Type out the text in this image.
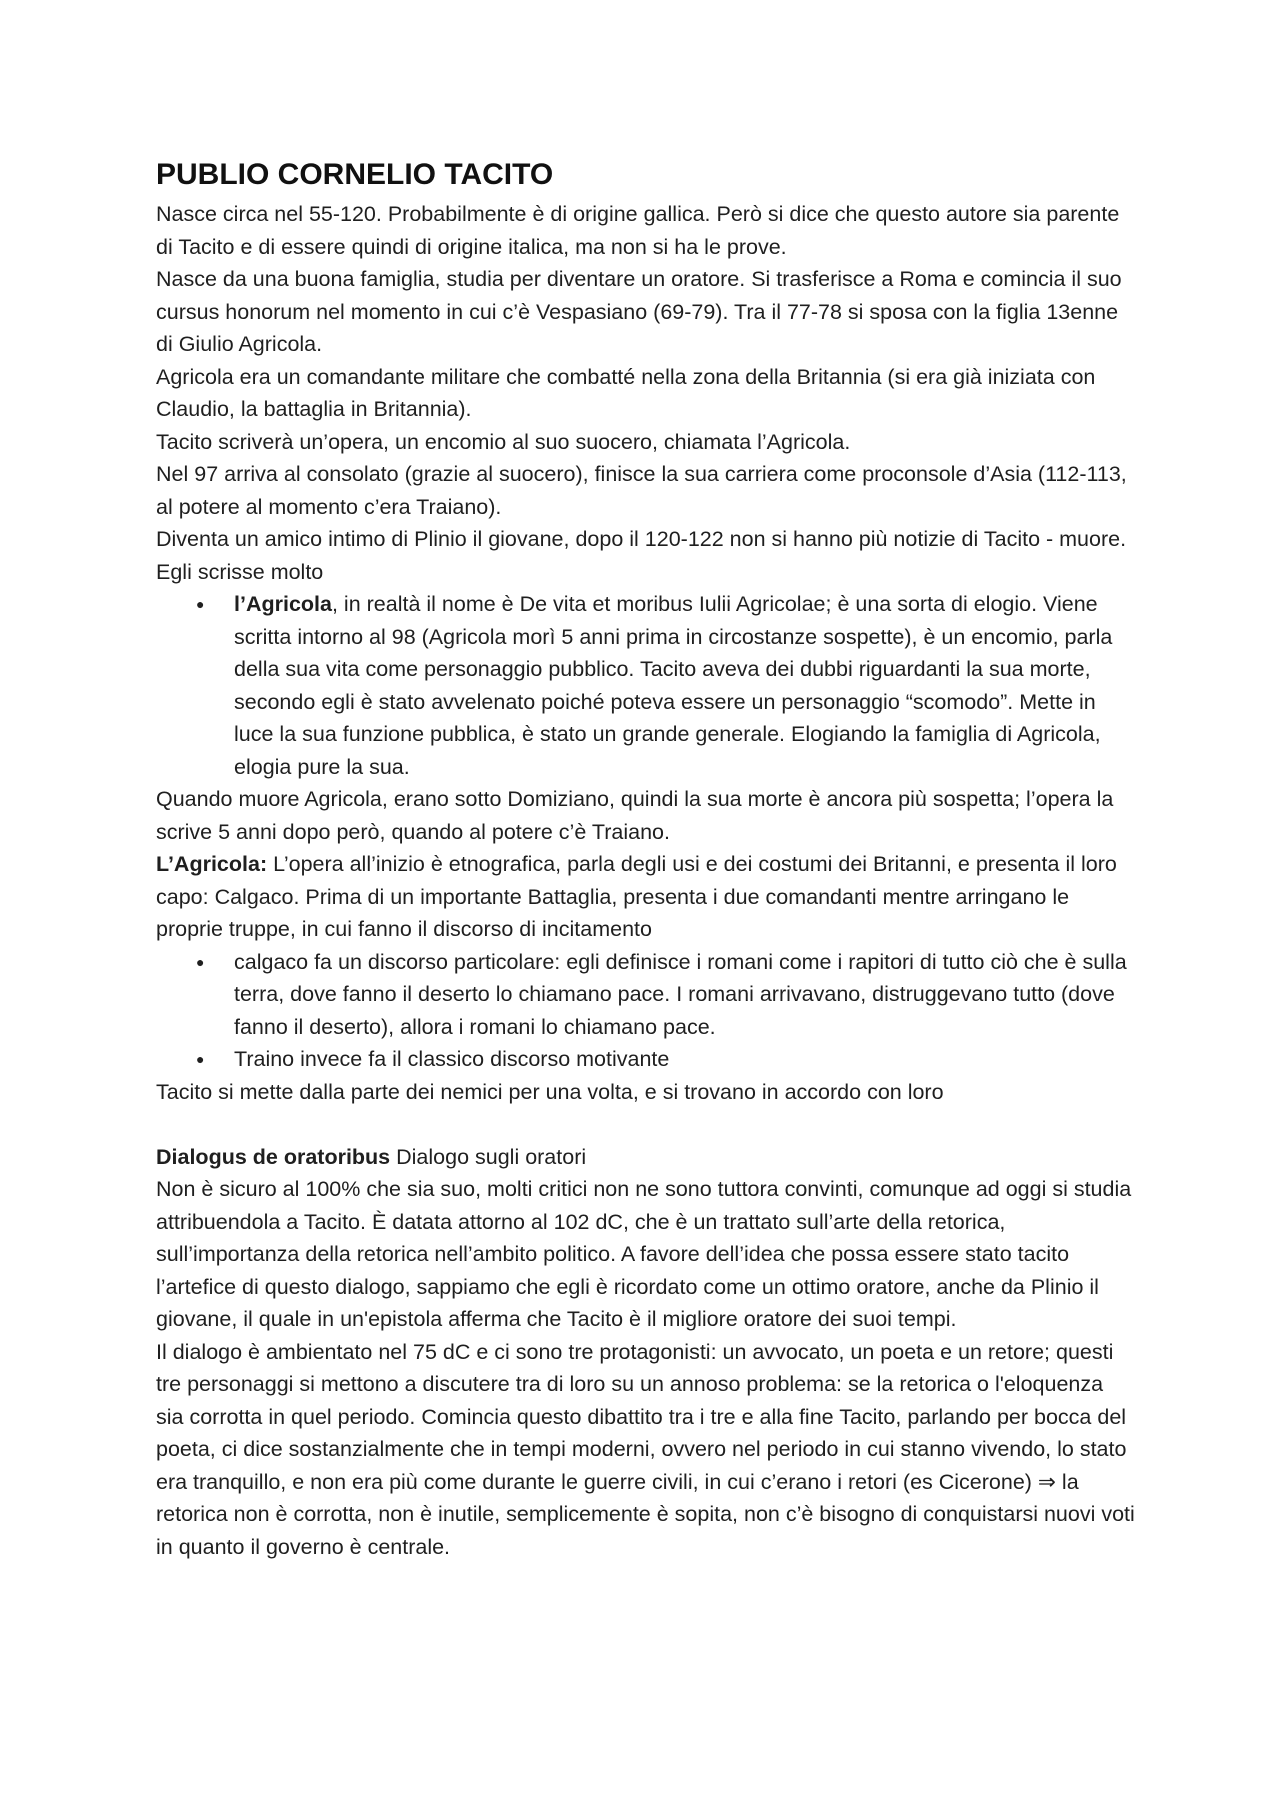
PUBLIO CORNELIO TACITO

Nasce circa nel 55-120. Probabilmente è di origine gallica. Però si dice che questo autore sia parente di Tacito e di essere quindi di origine italica, ma non si ha le prove.

Nasce da una buona famiglia, studia per diventare un oratore. Si trasferisce a Roma e comincia il suo cursus honorum nel momento in cui c’è Vespasiano (69-79). Tra il 77-78 si sposa con la figlia 13enne di Giulio Agricola.

Agricola era un comandante militare che combatté nella zona della Britannia (si era già iniziata con Claudio, la battaglia in Britannia).

Tacito scriverà un’opera, un encomio al suo suocero, chiamata l’Agricola.

Nel 97 arriva al consolato (grazie al suocero), finisce la sua carriera come proconsole d’Asia (112-113, al potere al momento c’era Traiano).

Diventa un amico intimo di Plinio il giovane, dopo il 120-122 non si hanno più notizie di Tacito - muore.

Egli scrisse molto

● l’Agricola, in realtà il nome è De vita et moribus Iulii Agricolae; è una sorta di elogio. Viene scritta intorno al 98 (Agricola morì 5 anni prima in circostanze sospette), è un encomio, parla della sua vita come personaggio pubblico. Tacito aveva dei dubbi riguardanti la sua morte, secondo egli è stato avvelenato poiché poteva essere un personaggio “scomodo”. Mette in luce la sua funzione pubblica, è stato un grande generale. Elogiando la famiglia di Agricola, elogia pure la sua.

Quando muore Agricola, erano sotto Domiziano, quindi la sua morte è ancora più sospetta; l’opera la scrive 5 anni dopo però, quando al potere c’è Traiano.

L’Agricola: L’opera all’inizio è etnografica, parla degli usi e dei costumi dei Britanni, e presenta il loro capo: Calgaco. Prima di un importante Battaglia, presenta i due comandanti mentre arringano le proprie truppe, in cui fanno il discorso di incitamento

● calgaco fa un discorso particolare: egli definisce i romani come i rapitori di tutto ciò che è sulla terra, dove fanno il deserto lo chiamano pace. I romani arrivavano, distruggevano tutto (dove fanno il deserto), allora i romani lo chiamano pace.
● Traino invece fa il classico discorso motivante

Tacito si mette dalla parte dei nemici per una volta, e si trovano in accordo con loro

Dialogus de oratoribus Dialogo sugli oratori

Non è sicuro al 100% che sia suo, molti critici non ne sono tuttora convinti, comunque ad oggi si studia attribuendola a Tacito. È datata attorno al 102 dC, che è un trattato sull’arte della retorica, sull’importanza della retorica nell’ambito politico. A favore dell’idea che possa essere stato tacito l’artefice di questo dialogo, sappiamo che egli è ricordato come un ottimo oratore, anche da Plinio il giovane, il quale in un'epistola afferma che Tacito è il migliore oratore dei suoi tempi.

Il dialogo è ambientato nel 75 dC e ci sono tre protagonisti: un avvocato, un poeta e un retore; questi tre personaggi si mettono a discutere tra di loro su un annoso problema: se la retorica o l'eloquenza sia corrotta in quel periodo. Comincia questo dibattito tra i tre e alla fine Tacito, parlando per bocca del poeta, ci dice sostanzialmente che in tempi moderni, ovvero nel periodo in cui stanno vivendo, lo stato era tranquillo, e non era più come durante le guerre civili, in cui c’erano i retori (es Cicerone) ⇒ la retorica non è corrotta, non è inutile, semplicemente è sopita, non c’è bisogno di conquistarsi nuovi voti in quanto il governo è centrale.
